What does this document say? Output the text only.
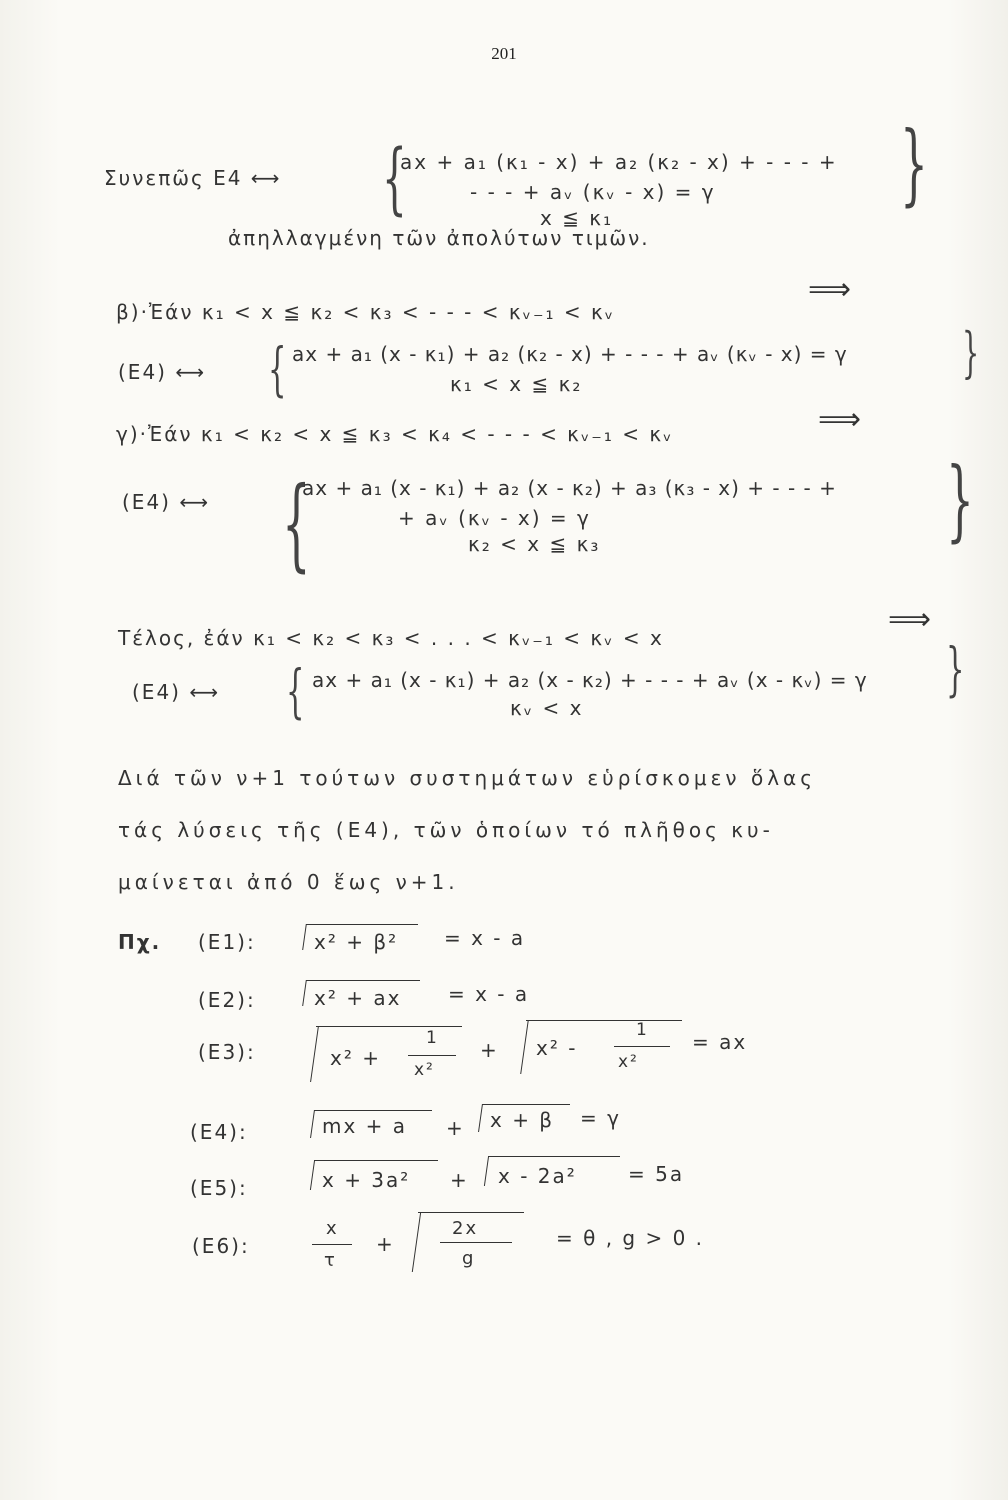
201
Συνεπῶς Ε4 ⟷ {
ax + a₁ (κ₁ - x) + a₂ (κ₂ - x) + - - - +
- - - + aᵥ (κᵥ - x) = γ
x ≦ κ₁
}
ἀπηλλαγμένη τῶν ἀπολύτων τιμῶν.
β)·Ἐάν κ₁ < x ≦ κ₂ < κ₃ < - - - < κᵥ₋₁ < κᵥ
⟹
(Ε4) ⟷ { ax + a₁ (x - κ₁) + a₂ (κ₂ - x) + - - - + aᵥ (κᵥ - x) = γ
κ₁ < x ≦ κ₂	}
γ)·Ἐάν κ₁ < κ₂ < x ≦ κ₃ < κ₄ < - - - < κᵥ₋₁ < κᵥ	⟹
(Ε4) ⟷ {
ax + a₁ (x - κ₁) + a₂ (x - κ₂) + a₃ (κ₃ - x) + - - - +
+ aᵥ (κᵥ - x) = γ
κ₂ < x ≦ κ₃	}
Τέλος, ἐάν κ₁ < κ₂ < κ₃ < . . . < κᵥ₋₁ < κᵥ < x
⟹
(Ε4) ⟷ { ax + a₁ (x - κ₁) + a₂ (x - κ₂) + - - - + aᵥ (x - κᵥ) = γ
κᵥ < x
}
Διά τῶν ν+1 τούτων συστημάτων εὑρίσκομεν ὅλας
τάς λύσεις τῆς (Ε4), τῶν ὁποίων τό πλῆθος κυ-
μαίνεται ἀπό 0 ἕως ν+1.
Πχ. (Ε1):	x² + β² = x - a
(Ε2):	x² + ax = x - a
(Ε3):	x² +
1
x²
+ x² -
1
x²
= ax
(Ε4):	mx + a + x + β = γ
(Ε5):	x + 3a² + x - 2a²	= 5a
(Ε6):
x
τ
+
2x
g
= θ , g > 0 .
